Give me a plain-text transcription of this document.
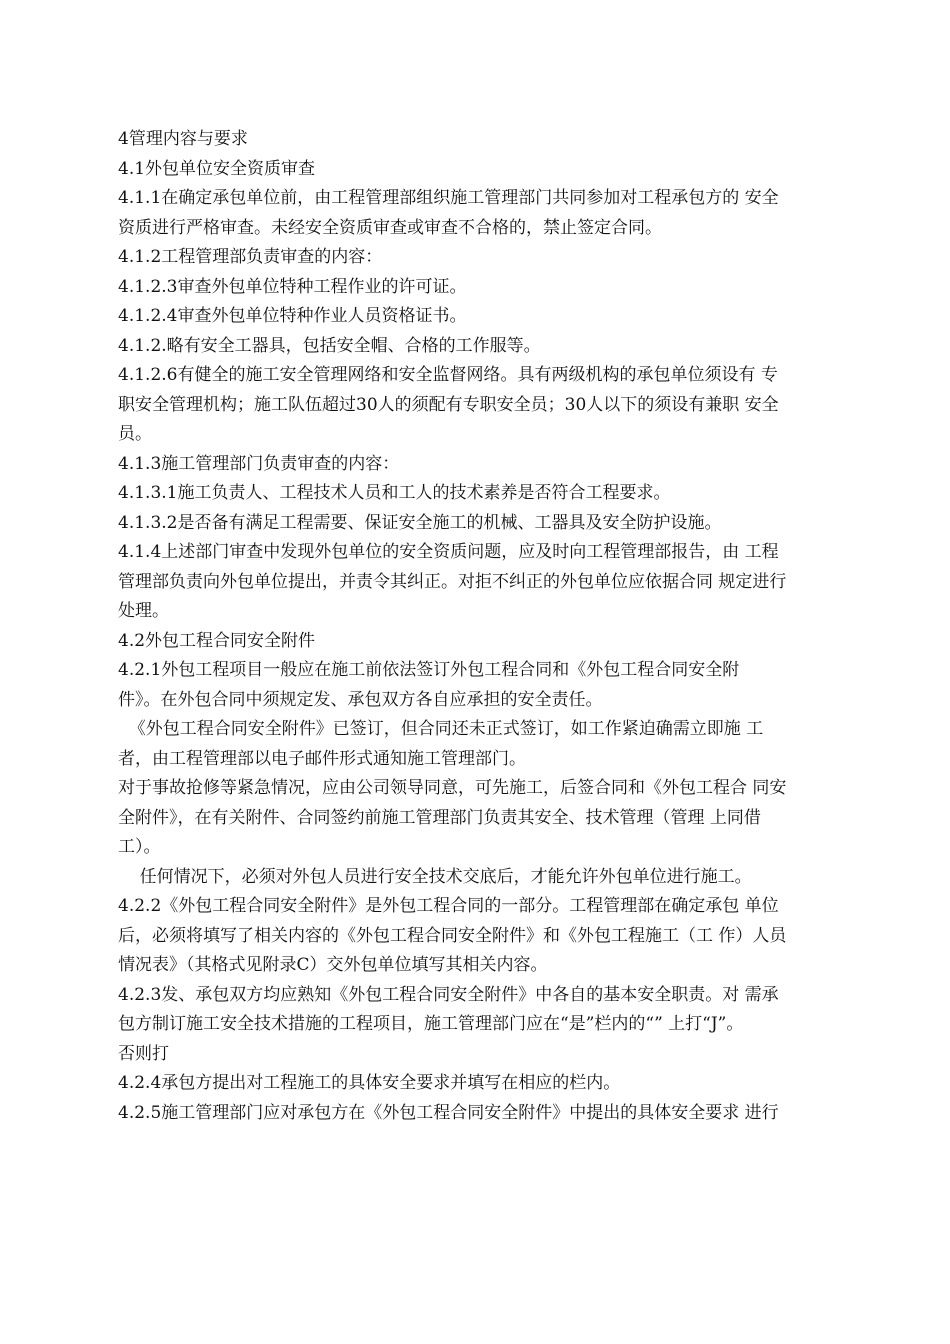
4管理内容与要求
4.1外包单位安全资质审查
4.1.1在确定承包单位前，由工程管理部组织施工管理部门共同参加对工程承包方的 安全
资质进行严格审查。未经安全资质审查或审查不合格的，禁止签定合同。
4.1.2工程管理部负责审查的内容：
4.1.2.3审查外包单位特种工程作业的许可证。
4.1.2.4审查外包单位特种作业人员资格证书。
4.1.2.略有安全工器具，包括安全帽、合格的工作服等。
4.1.2.6有健全的施工安全管理网络和安全监督网络。具有两级机构的承包单位须设有 专
职安全管理机构；施工队伍超过30人的须配有专职安全员；30人以下的须设有兼职 安全
员。
4.1.3施工管理部门负责审查的内容：
4.1.3.1施工负责人、工程技术人员和工人的技术素养是否符合工程要求。
4.1.3.2是否备有满足工程需要、保证安全施工的机械、工器具及安全防护设施。
4.1.4上述部门审查中发现外包单位的安全资质问题，应及时向工程管理部报告，由 工程
管理部负责向外包单位提出，并责令其纠正。对拒不纠正的外包单位应依据合同 规定进行
处理。
4.2外包工程合同安全附件
4.2.1外包工程项目一般应在施工前依法签订外包工程合同和《外包工程合同安全附
件》。在外包合同中须规定发、承包双方各自应承担的安全责任。
《外包工程合同安全附件》已签订，但合同还未正式签订，如工作紧迫确需立即施 工
者，由工程管理部以电子邮件形式通知施工管理部门。
对于事故抢修等紧急情况，应由公司领导同意，可先施工，后签合同和《外包工程合 同安
全附件》，在有关附件、合同签约前施工管理部门负责其安全、技术管理（管理 上同借
工）。
任何情况下，必须对外包人员进行安全技术交底后，才能允许外包单位进行施工。
4.2.2《外包工程合同安全附件》是外包工程合同的一部分。工程管理部在确定承包 单位
后，必须将填写了相关内容的《外包工程合同安全附件》和《外包工程施工（工 作）人员
情况表》（其格式见附录C）交外包单位填写其相关内容。
4.2.3发、承包双方均应熟知《外包工程合同安全附件》中各自的基本安全职责。对 需承
包方制订施工安全技术措施的工程项目，施工管理部门应在“是”栏内的“” 上打“J”。
否则打
4.2.4承包方提出对工程施工的具体安全要求并填写在相应的栏内。
4.2.5施工管理部门应对承包方在《外包工程合同安全附件》中提出的具体安全要求 进行
